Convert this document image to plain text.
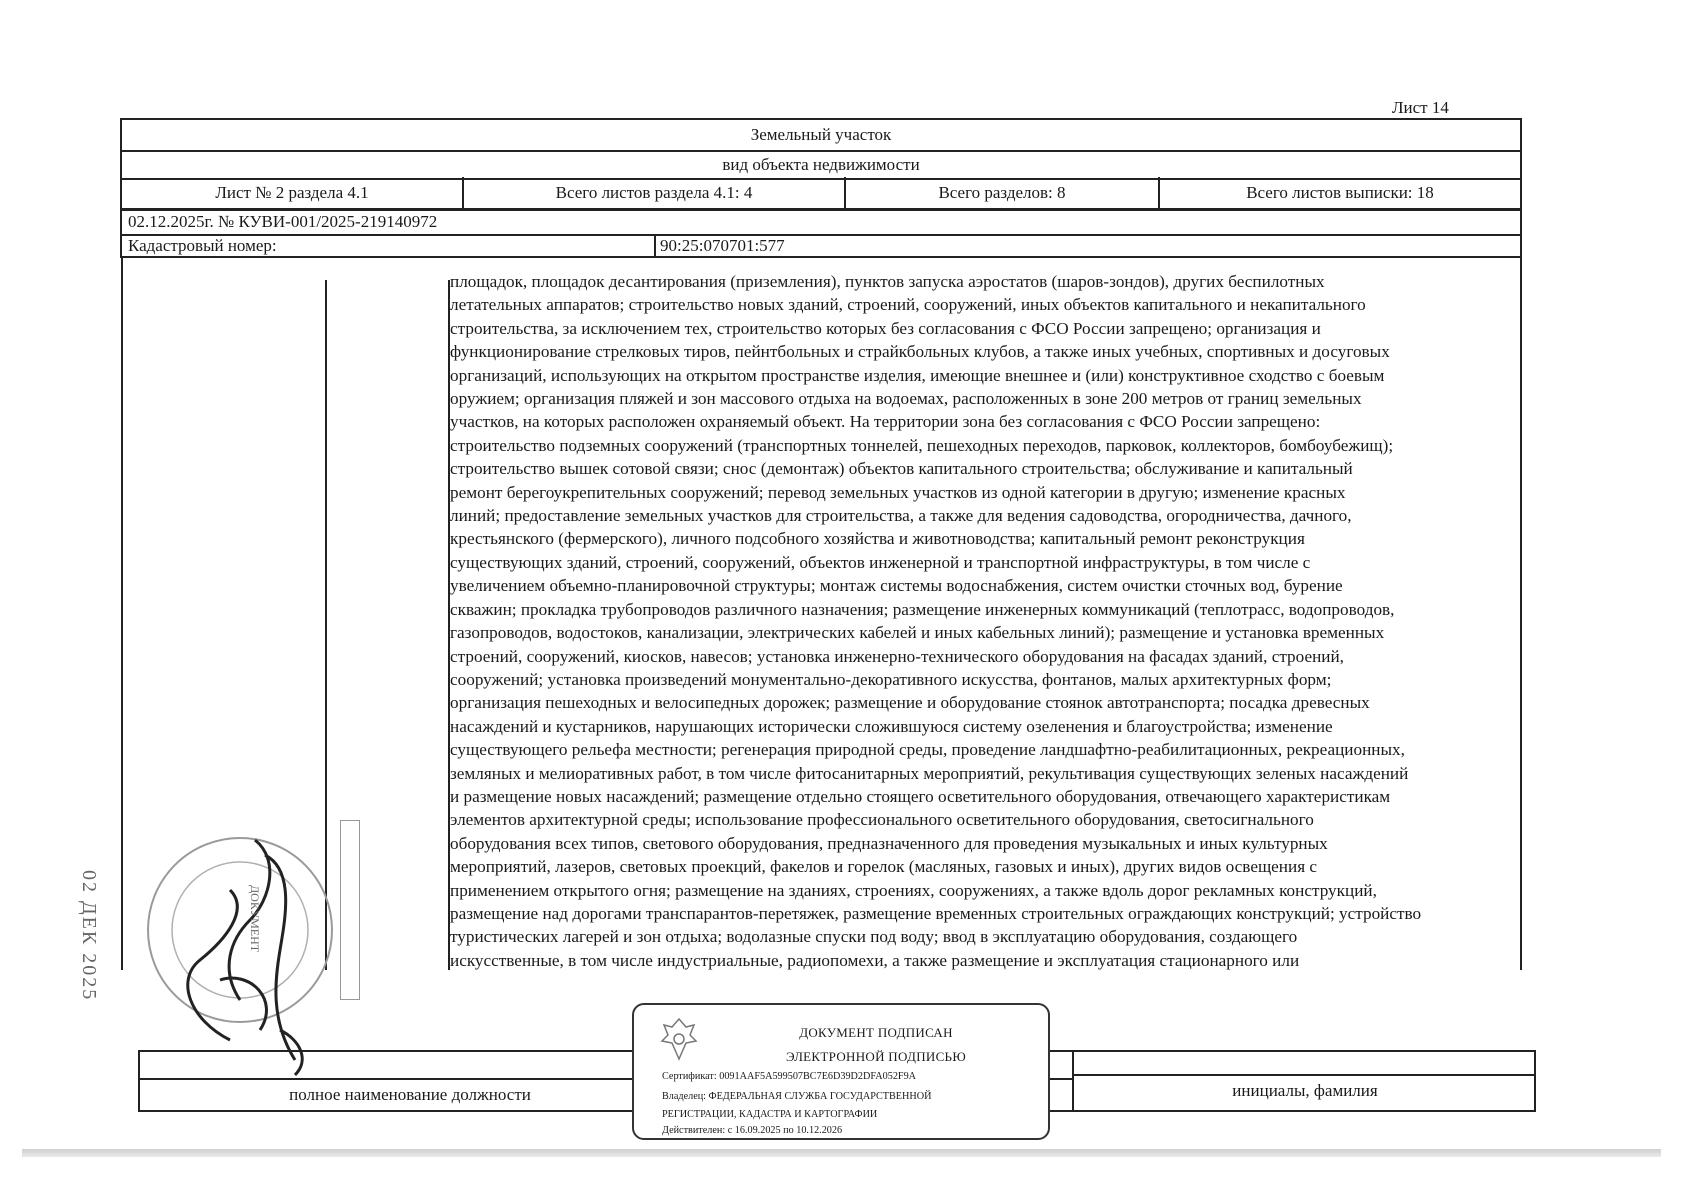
Лист 14
Земельный участок
вид объекта недвижимости
Лист № 2 раздела 4.1	Всего листов раздела 4.1: 4	Всего разделов: 8	Всего листов выписки: 18
02.12.2025г. № КУВИ-001/2025-219140972
Кадастровый номер:	90:25:070701:577

площадок, площадок десантирования (приземления), пунктов запуска аэростатов (шаров-зондов), других беспилотных

летательных аппаратов; строительство новых зданий, строений, сооружений, иных объектов капитального и некапитального

строительства, за исключением тех, строительство которых без согласования с ФСО России запрещено; организация и

функционирование стрелковых тиров, пейнтбольных и страйкбольных клубов, а также иных учебных, спортивных и досуговых

организаций, использующих на открытом пространстве изделия, имеющие внешнее и (или) конструктивное сходство с боевым

оружием; организация пляжей и зон массового отдыха на водоемах, расположенных в зоне 200 метров от границ земельных

участков, на которых расположен охраняемый объект. На территории зона без согласования с ФСО России запрещено:

строительство подземных сооружений (транспортных тоннелей, пешеходных переходов, парковок, коллекторов, бомбоубежищ);

строительство вышек сотовой связи; снос (демонтаж) объектов капитального строительства; обслуживание и капитальный

ремонт берегоукрепительных сооружений; перевод земельных участков из одной категории в другую; изменение красных

линий; предоставление земельных участков для строительства, а также для ведения садоводства, огородничества, дачного,

крестьянского (фермерского), личного подсобного хозяйства и животноводства; капитальный ремонт реконструкция

существующих зданий, строений, сооружений, объектов инженерной и транспортной инфраструктуры, в том числе с

увеличением объемно-планировочной структуры; монтаж системы водоснабжения, систем очистки сточных вод, бурение

скважин; прокладка трубопроводов различного назначения; размещение инженерных коммуникаций (теплотрасс, водопроводов,

газопроводов, водостоков, канализации, электрических кабелей и иных кабельных линий); размещение и установка временных

строений, сооружений, киосков, навесов; установка инженерно-технического оборудования на фасадах зданий, строений,

сооружений; установка произведений монументально-декоративного искусства, фонтанов, малых архитектурных форм;

организация пешеходных и велосипедных дорожек; размещение и оборудование стоянок автотранспорта; посадка древесных

насаждений и кустарников, нарушающих исторически сложившуюся систему озеленения и благоустройства; изменение

существующего рельефа местности; регенерация природной среды, проведение ландшафтно-реабилитационных, рекреационных,

земляных и мелиоративных работ, в том числе фитосанитарных мероприятий, рекультивация существующих зеленых насаждений

и размещение новых насаждений; размещение отдельно стоящего осветительного оборудования, отвечающего характеристикам

элементов архитектурной среды; использование профессионального осветительного оборудования, светосигнального

оборудования всех типов, светового оборудования, предназначенного для проведения музыкальных и иных культурных

мероприятий, лазеров, световых проекций, факелов и горелок (масляных, газовых и иных), других видов освещения с

применением открытого огня; размещение на зданиях, строениях, сооружениях, а также вдоль дорог рекламных конструкций,

размещение над дорогами транспарантов-перетяжек, размещение временных строительных ограждающих конструкций; устройство

туристических лагерей и зон отдыха; водолазные спуски под воду; ввод в эксплуатацию оборудования, создающего

искусственные, в том числе индустриальные, радиопомехи, а также размещение и эксплуатация стационарного или

02 ДЕК 2025	ДОКУМЕНТ
полное наименование должности	инициалы, фамилия
ДОКУМЕНТ ПОДПИСАН
ЭЛЕКТРОННОЙ ПОДПИСЬЮ
Сертификат: 0091AAF5A599507BC7E6D39D2DFA052F9A
Владелец: ФЕДЕРАЛЬНАЯ СЛУЖБА ГОСУДАРСТВЕННОЙ
РЕГИСТРАЦИИ, КАДАСТРА И КАРТОГРАФИИ
Действителен: с 16.09.2025 по 10.12.2026
